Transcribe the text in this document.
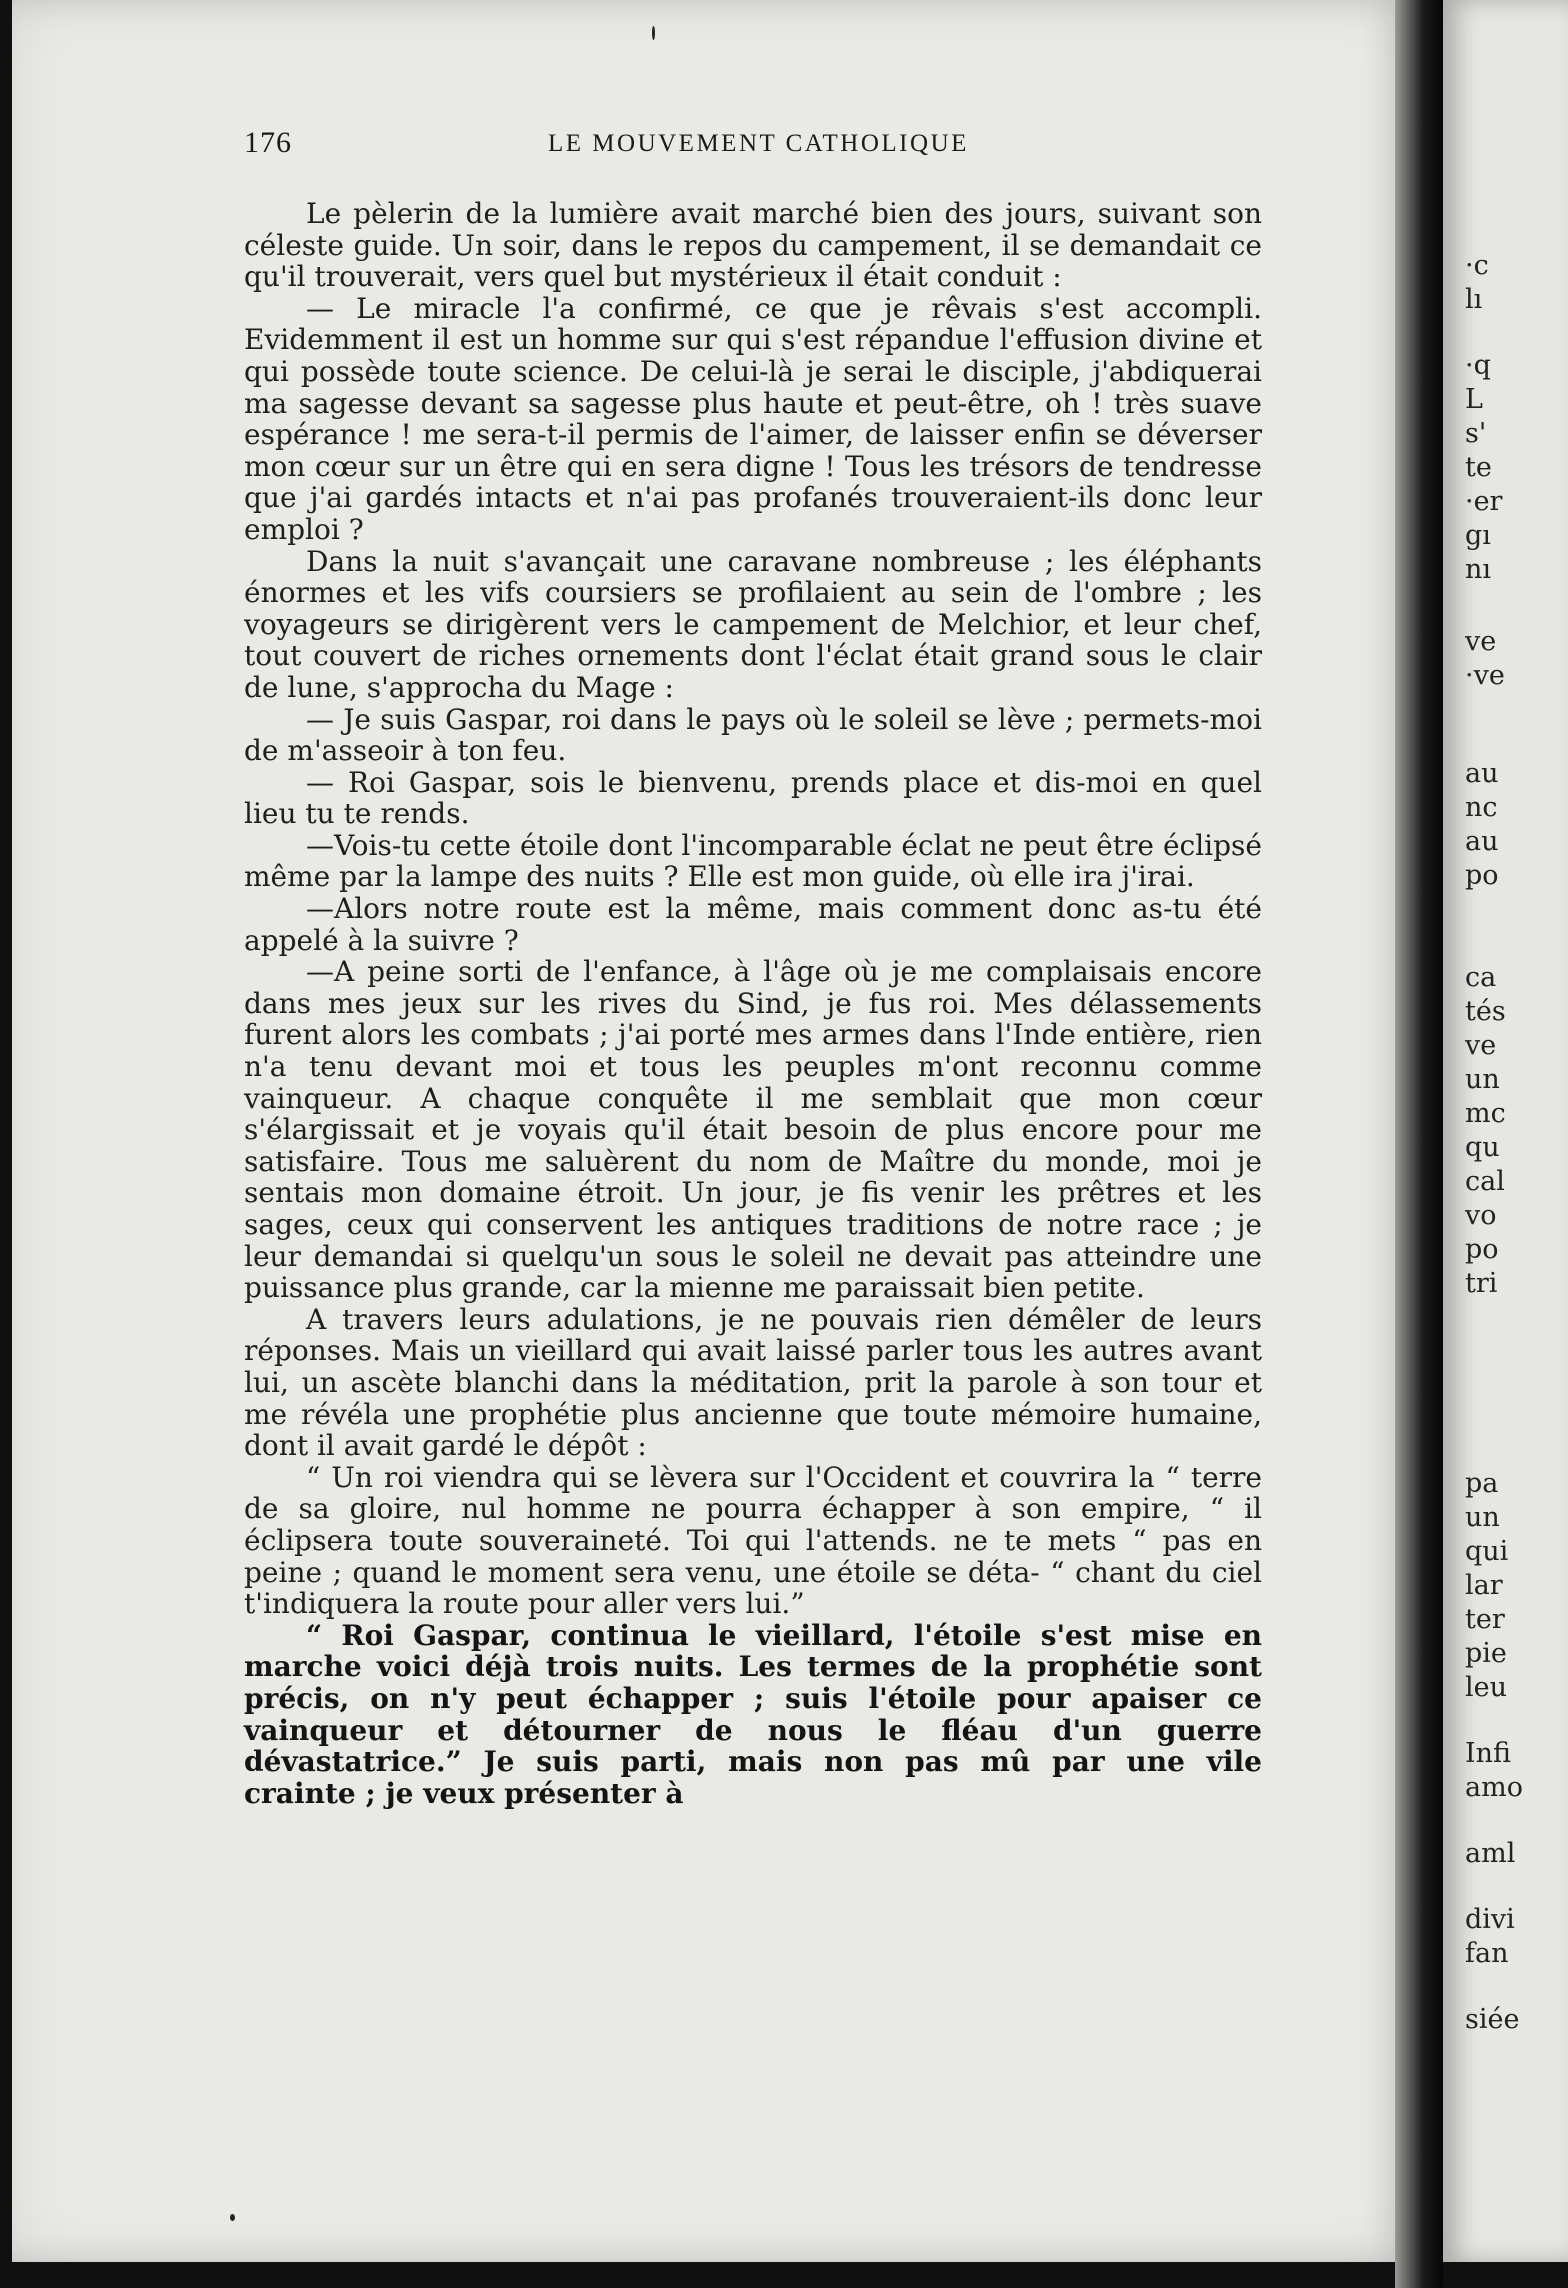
176	LE MOUVEMENT CATHOLIQUE

Le pèlerin de la lumière avait marché bien des jours, suivant son céleste guide. Un soir, dans le repos du campement, il se demandait ce qu'il trouverait, vers quel but mystérieux il était conduit :

— Le miracle l'a confirmé, ce que je rêvais s'est accompli. Evidemment il est un homme sur qui s'est répandue l'effusion divine et qui possède toute science. De celui-là je serai le disciple, j'abdiquerai ma sagesse devant sa sagesse plus haute et peut-être, oh ! très suave espérance ! me sera-t-il permis de l'aimer, de laisser enfin se déverser mon cœur sur un être qui en sera digne ! Tous les trésors de tendresse que j'ai gardés intacts et n'ai pas profanés trouveraient-ils donc leur emploi ?

Dans la nuit s'avançait une caravane nombreuse ; les éléphants énormes et les vifs coursiers se profilaient au sein de l'ombre ; les voyageurs se dirigèrent vers le campement de Melchior, et leur chef, tout couvert de riches ornements dont l'éclat était grand sous le clair de lune, s'approcha du Mage :

— Je suis Gaspar, roi dans le pays où le soleil se lève ; permets-moi de m'asseoir à ton feu.

— Roi Gaspar, sois le bienvenu, prends place et dis-moi en quel lieu tu te rends.

—Vois-tu cette étoile dont l'incomparable éclat ne peut être éclipsé même par la lampe des nuits ? Elle est mon guide, où elle ira j'irai.

—Alors notre route est la même, mais comment donc as-tu été appelé à la suivre ?

—A peine sorti de l'enfance, à l'âge où je me complaisais encore dans mes jeux sur les rives du Sind, je fus roi. Mes délassements furent alors les combats ; j'ai porté mes armes dans l'Inde entière, rien n'a tenu devant moi et tous les peuples m'ont reconnu comme vainqueur. A chaque conquête il me semblait que mon cœur s'élargissait et je voyais qu'il était besoin de plus encore pour me satisfaire. Tous me saluèrent du nom de Maître du monde, moi je sentais mon domaine étroit. Un jour, je fis venir les prêtres et les sages, ceux qui conservent les antiques traditions de notre race ; je leur demandai si quelqu'un sous le soleil ne devait pas atteindre une puissance plus grande, car la mienne me paraissait bien petite.

A travers leurs adulations, je ne pouvais rien démêler de leurs réponses. Mais un vieillard qui avait laissé parler tous les autres avant lui, un ascète blanchi dans la méditation, prit la parole à son tour et me révéla une prophétie plus ancienne que toute mémoire humaine, dont il avait gardé le dépôt :

“ Un roi viendra qui se lèvera sur l'Occident et couvrira la “ terre de sa gloire, nul homme ne pourra échapper à son empire, “ il éclipsera toute souveraineté. Toi qui l'attends. ne te mets “ pas en peine ; quand le moment sera venu, une étoile se déta- “ chant du ciel t'indiquera la route pour aller vers lui.”

“ Roi Gaspar, continua le vieillard, l'étoile s'est mise en marche voici déjà trois nuits. Les termes de la prophétie sont précis, on n'y peut échapper ; suis l'étoile pour apaiser ce vainqueur et détourner de nous le fléau d'un guerre dévastatrice.” Je suis parti, mais non pas mû par une vile crainte ; je veux présenter à

·c
lı
·q
L
s'
te
·er
gı
nı
ve
·ve
au
nc
au
po
ca
tés
ve
un
mc
qu
cal
vo
po
tri
pa
un
qui
lar
ter
pie
leu
Infi
amo
aml
divi
fan
siée
